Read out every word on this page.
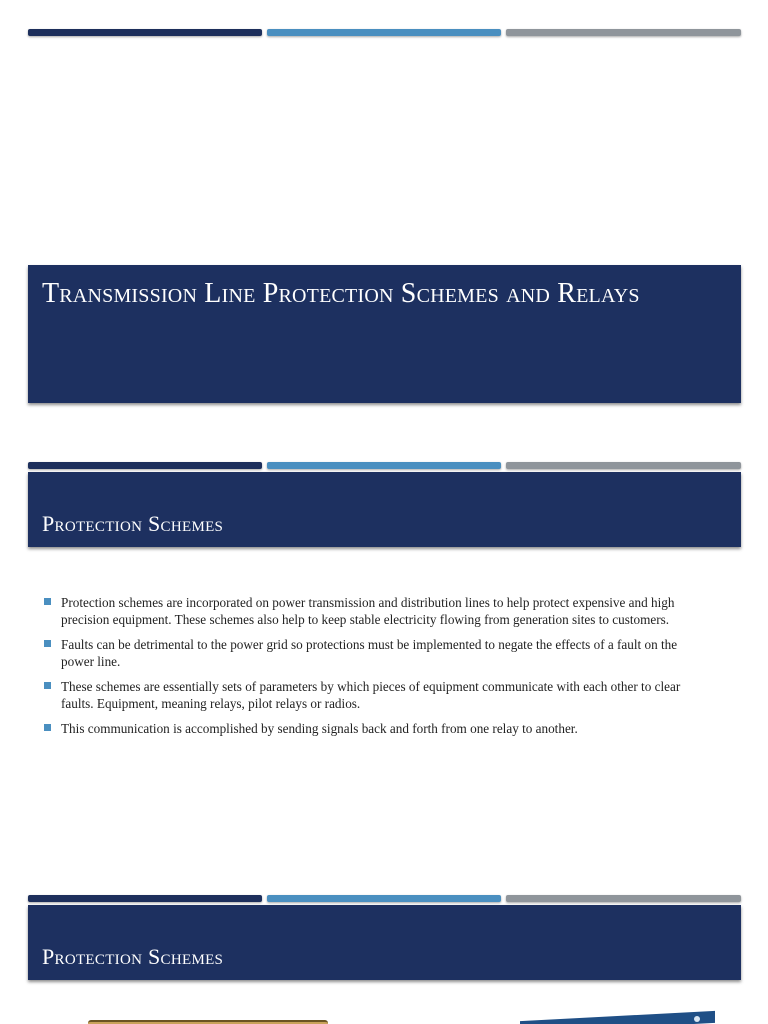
Transmission Line Protection Schemes and Relays
Protection Schemes
Protection schemes are incorporated on power transmission and distribution lines to help protect expensive and high precision equipment. These schemes also help to keep stable electricity flowing from generation sites to customers.
Faults can be detrimental to the power grid so protections must be implemented to negate the effects of a fault on the power line.
These schemes are essentially sets of parameters by which pieces of equipment communicate with each other to clear faults. Equipment, meaning relays, pilot relays or radios.
This communication is accomplished by sending signals back and forth from one relay to another.
Protection Schemes
